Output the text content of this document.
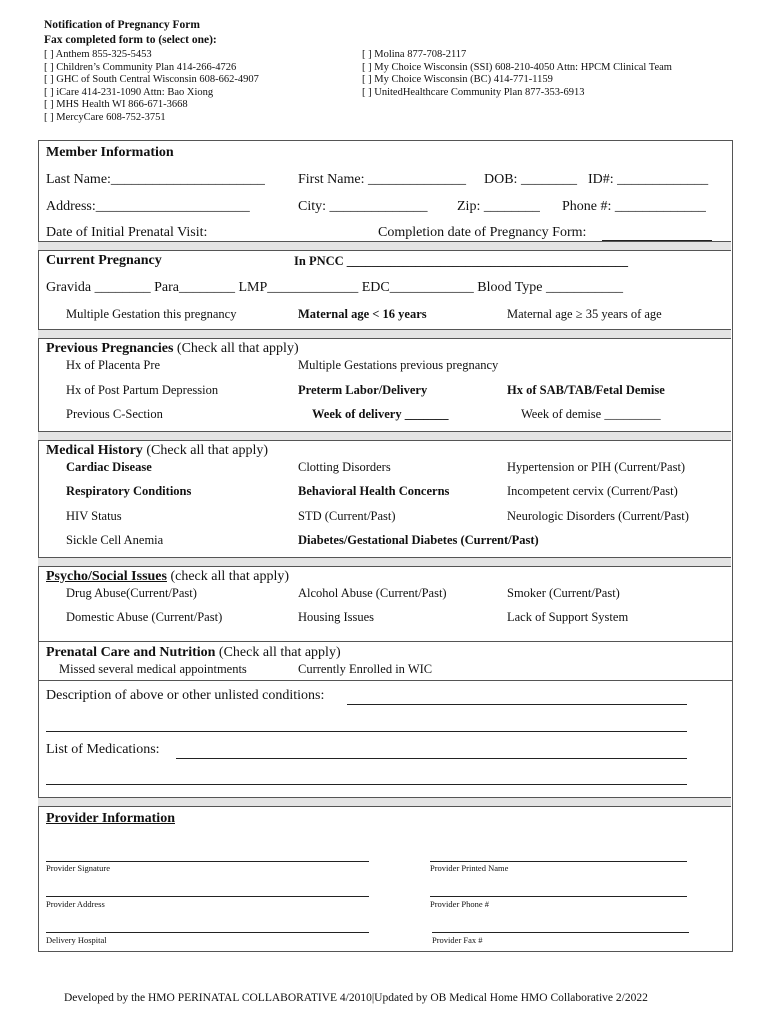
Notification of Pregnancy Form
Fax completed form to (select one):
[ ] Anthem 855-325-5453
[ ] Children’s Community Plan 414-266-4726
[ ] GHC of South Central Wisconsin 608-662-4907
[ ] iCare 414-231-1090 Attn: Bao Xiong
[ ] MHS Health WI 866-671-3668
[ ] MercyCare 608-752-3751
[ ] Molina 877-708-2117
[ ] My Choice Wisconsin (SSI) 608-210-4050 Attn: HPCM Clinical Team
[ ] My Choice Wisconsin (BC) 414-771-1159
[ ] UnitedHealthcare Community Plan 877-353-6913
Member Information
Last Name:______________________ First Name: ______________ DOB: ________ ID#: _____________
Address:______________________	City: ______________ Zip: ________ Phone #: _____________
Date of Initial Prenatal Visit:	Completion date of Pregnancy Form:
Current Pregnancy	In PNCC _____________________________________________
Gravida ________ Para________ LMP_____________ EDC____________ Blood Type ___________
Multiple Gestation this pregnancy	Maternal age < 16 years	Maternal age ≥ 35 years of age
Previous Pregnancies (Check all that apply)
Hx of Placenta Pre	Multiple Gestations previous pregnancy
Hx of Post Partum Depression	Preterm Labor/Delivery	Hx of SAB/TAB/Fetal Demise
Previous C-Section	Week of delivery _______	Week of demise _________
Medical History (Check all that apply)
Cardiac Disease	Clotting Disorders	Hypertension or PIH (Current/Past)
Respiratory Conditions	Behavioral Health Concerns	Incompetent cervix (Current/Past)
HIV Status	STD (Current/Past)	Neurologic Disorders (Current/Past)
Sickle Cell Anemia	Diabetes/Gestational Diabetes (Current/Past)
Psycho/Social Issues (check all that apply)
Drug Abuse(Current/Past)	Alcohol Abuse (Current/Past)	Smoker (Current/Past)
Domestic Abuse (Current/Past)	Housing Issues	Lack of Support System
Prenatal Care and Nutrition (Check all that apply)
Missed several medical appointments	Currently Enrolled in WIC
Description of above or other unlisted conditions:
List of Medications:
Provider Information
Provider Signature	Provider Printed Name
Provider Address	Provider Phone #
Delivery Hospital	Provider Fax #
Developed by the HMO PERINATAL COLLABORATIVE 4/2010|Updated by OB Medical Home HMO Collaborative 2/2022
